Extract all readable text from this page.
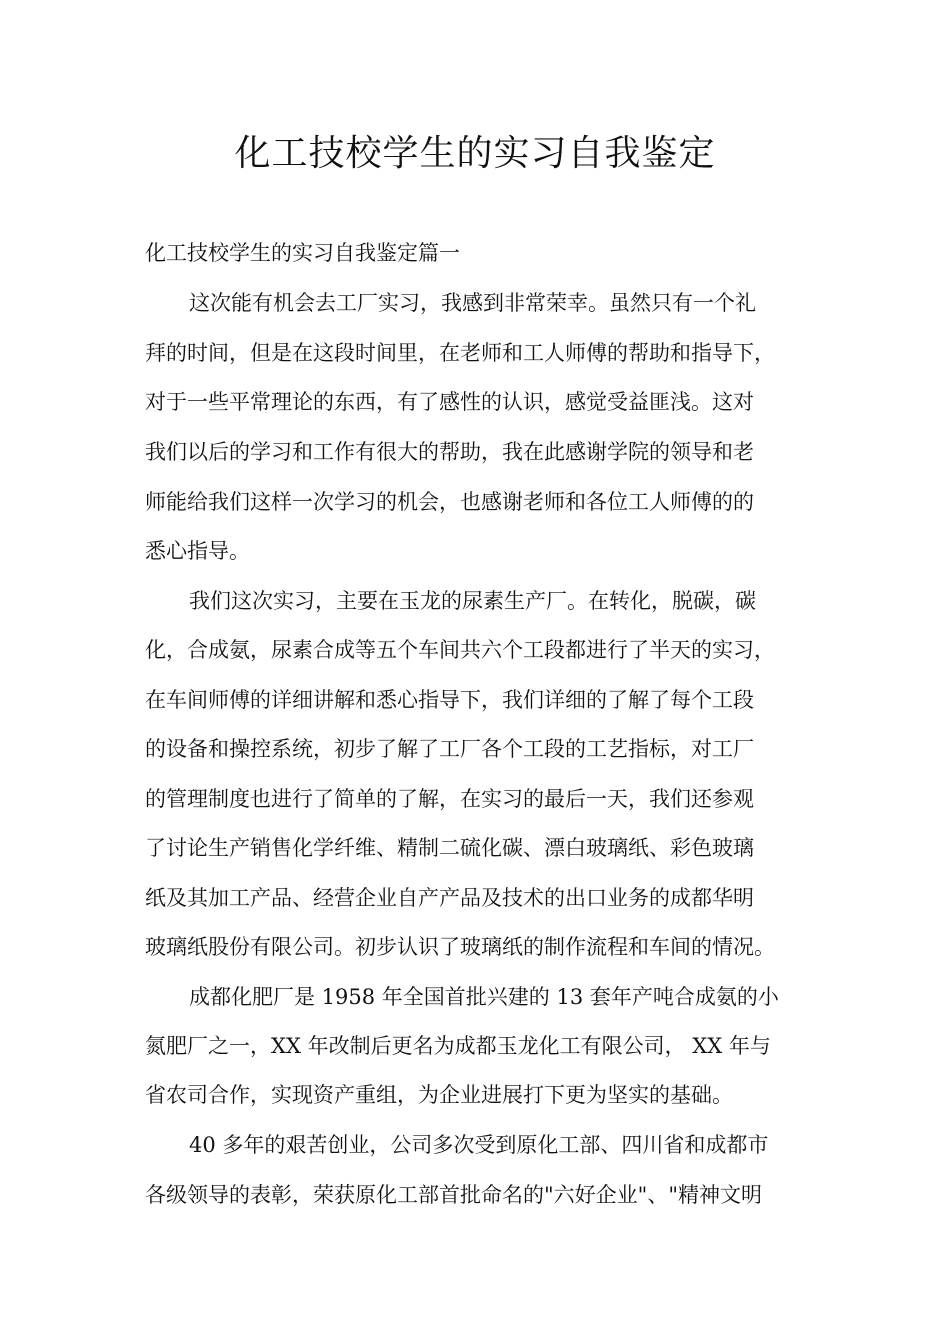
化工技校学生的实习自我鉴定
化工技校学生的实习自我鉴定篇一
这次能有机会去工厂实习，我感到非常荣幸。虽然只有一个礼
拜的时间，但是在这段时间里，在老师和工人师傅的帮助和指导下，
对于一些平常理论的东西，有了感性的认识，感觉受益匪浅。这对
我们以后的学习和工作有很大的帮助，我在此感谢学院的领导和老
师能给我们这样一次学习的机会，也感谢老师和各位工人师傅的的
悉心指导。
我们这次实习，主要在玉龙的尿素生产厂。在转化，脱碳，碳
化，合成氨，尿素合成等五个车间共六个工段都进行了半天的实习，
在车间师傅的详细讲解和悉心指导下，我们详细的了解了每个工段
的设备和操控系统，初步了解了工厂各个工段的工艺指标，对工厂
的管理制度也进行了简单的了解，在实习的最后一天，我们还参观
了讨论生产销售化学纤维、精制二硫化碳、漂白玻璃纸、彩色玻璃
纸及其加工产品、经营企业自产产品及技术的出口业务的成都华明
玻璃纸股份有限公司。初步认识了玻璃纸的制作流程和车间的情况。
成都化肥厂是 1958 年全国首批兴建的 13 套年产吨合成氨的小
氮肥厂之一，XX 年改制后更名为成都玉龙化工有限公司， XX 年与
省农司合作，实现资产重组，为企业进展打下更为坚实的基础。
40 多年的艰苦创业，公司多次受到原化工部、四川省和成都市
各级领导的表彰，荣获原化工部首批命名的"六好企业"、"精神文明
